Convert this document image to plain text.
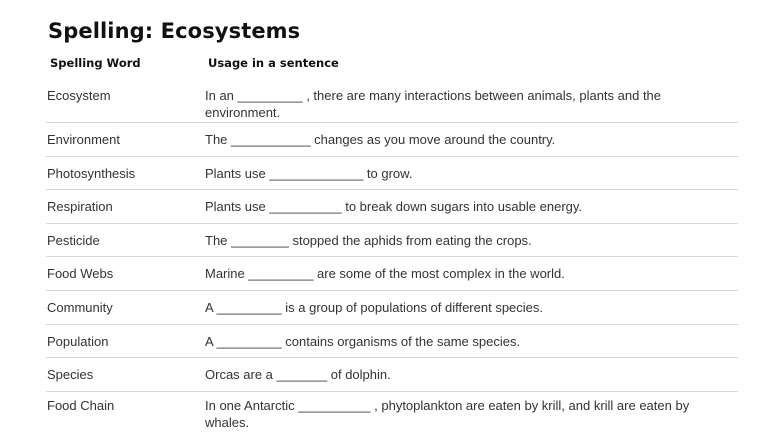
Spelling: Ecosystems
Spelling Word	Usage in a sentence
Ecosystem	In an _________ , there are many interactions between animals, plants and the environment.
Environment	The ___________ changes as you move around the country.
Photosynthesis	Plants use _____________ to grow.
Respiration	Plants use __________ to break down sugars into usable energy.
Pesticide	The ________ stopped the aphids from eating the crops.
Food Webs	Marine _________ are some of the most complex in the world.
Community	A _________ is a group of populations of different species.
Population	A _________ contains organisms of the same species.
Species	Orcas are a _______ of dolphin.
Food Chain	In one Antarctic __________ , phytoplankton are eaten by krill, and krill are eaten by whales.
